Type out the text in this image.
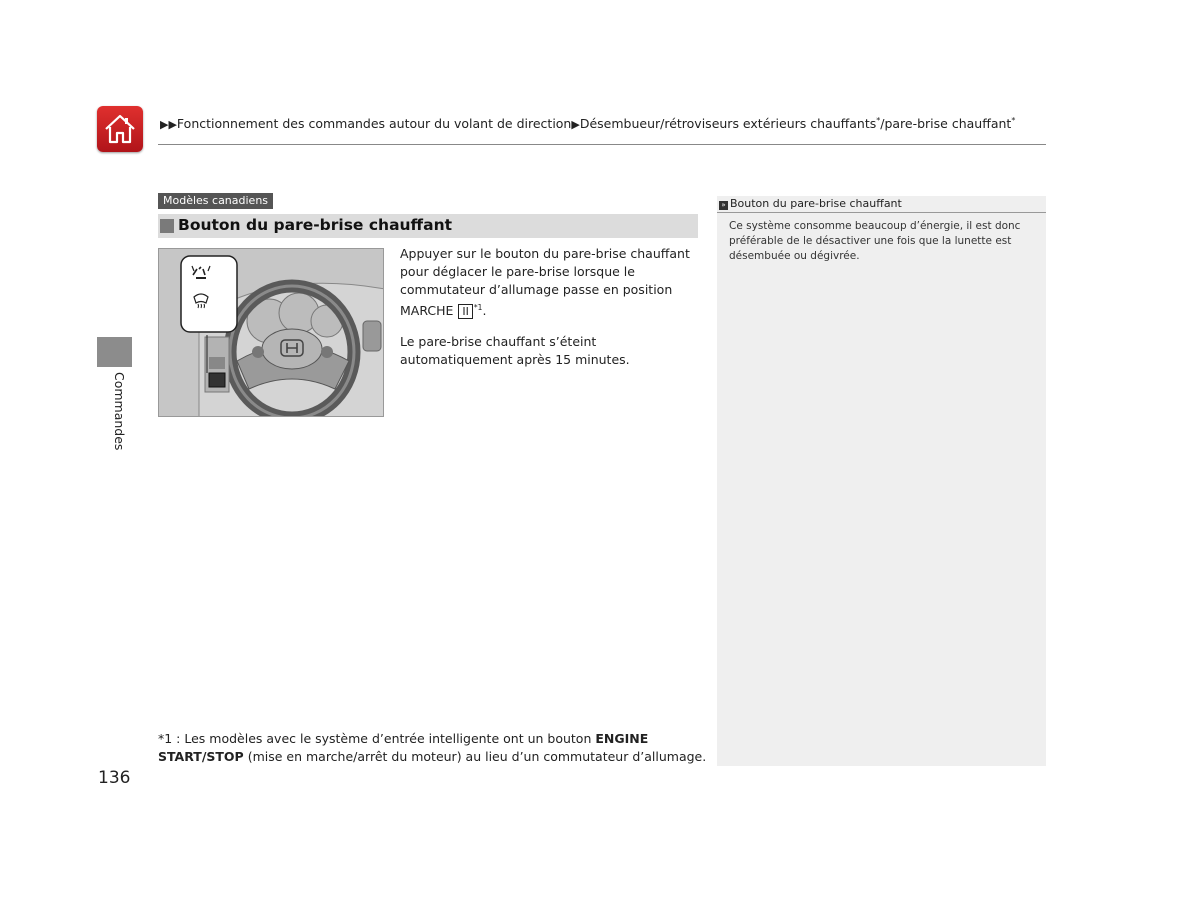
▶▶Fonctionnement des commandes autour du volant de direction▶Désembueur/rétroviseurs extérieurs chauffants*/pare-brise chauffant*
Commandes
Modèles canadiens
Bouton du pare-brise chauffant

Appuyer sur le bouton du pare-brise chauffant pour déglacer le pare-brise lorsque le commutateur d’allumage passe en position MARCHE II $^{*1}$.

Le pare-brise chauffant s’éteint automatiquement après 15 minutes.

» Bouton du pare-brise chauffant
Ce système consomme beaucoup d’énergie, il est donc préférable de le désactiver une fois que la lunette est désembuée ou dégivrée.
*1 : Les modèles avec le système d’entrée intelligente ont un bouton ENGINE START/STOP (mise en marche/arrêt du moteur) au lieu d’un commutateur d’allumage.
136
